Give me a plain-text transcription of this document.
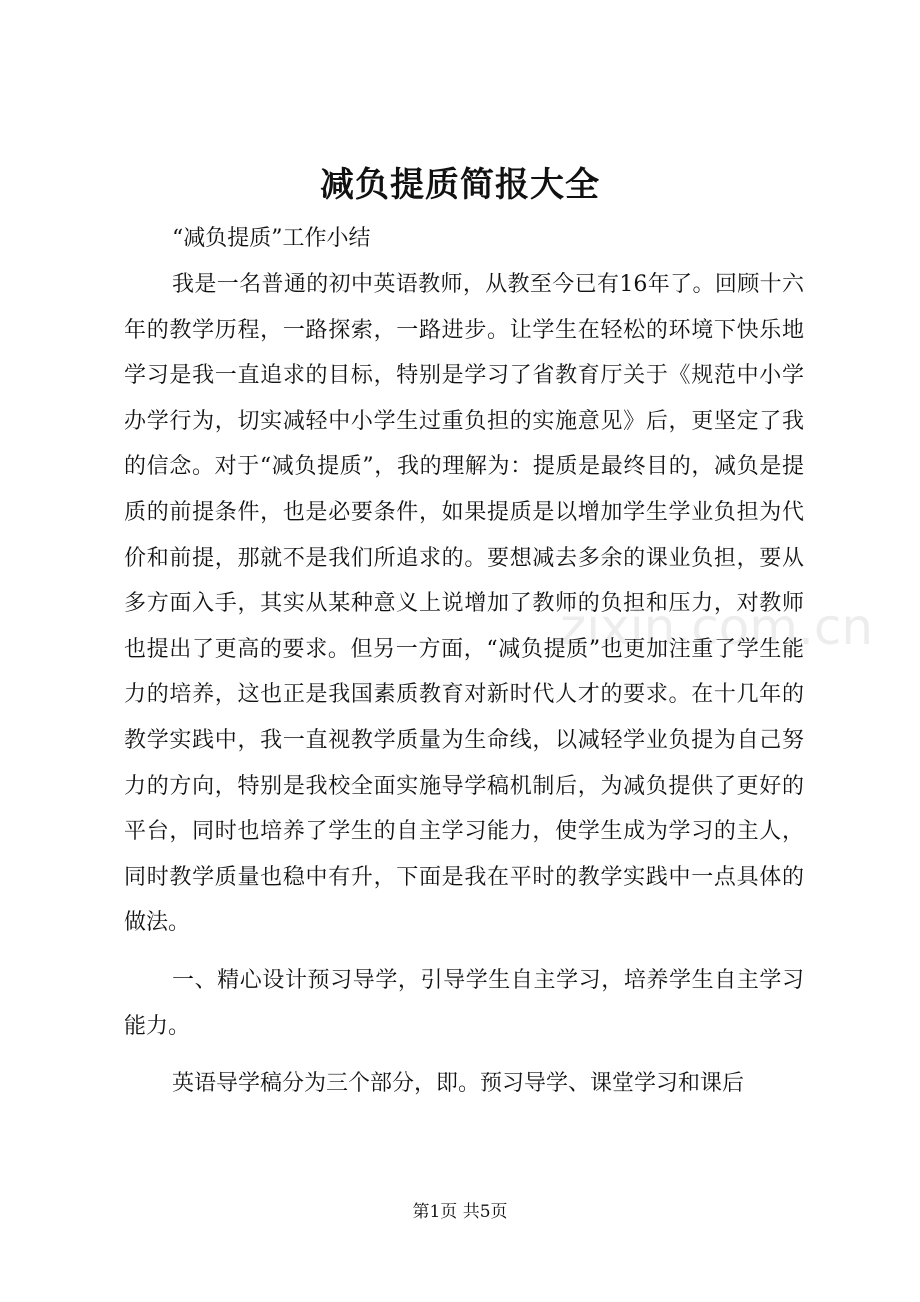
减负提质简报大全
“减负提质”工作小结

我是一名普通的初中英语教师，从教至今已有16年了。回顾十六年的教学历程，一路探索，一路进步。让学生在轻松的环境下快乐地学习是我一直追求的目标，特别是学习了省教育厅关于《规范中小学办学行为，切实减轻中小学生过重负担的实施意见》后，更坚定了我的信念。对于“减负提质”，我的理解为：提质是最终目的，减负是提质的前提条件，也是必要条件，如果提质是以增加学生学业负担为代价和前提，那就不是我们所追求的。要想减去多余的课业负担，要从多方面入手，其实从某种意义上说增加了教师的负担和压力，对教师也提出了更高的要求。但另一方面，“减负提质”也更加注重了学生能力的培养，这也正是我国素质教育对新时代人才的要求。在十几年的教学实践中，我一直视教学质量为生命线，以减轻学业负提为自己努力的方向，特别是我校全面实施导学稿机制后，为减负提供了更好的平台，同时也培养了学生的自主学习能力，使学生成为学习的主人，同时教学质量也稳中有升，下面是我在平时的教学实践中一点具体的做法。

一、精心设计预习导学，引导学生自主学习，培养学生自主学习能力。

英语导学稿分为三个部分，即。预习导学、课堂学习和课后

zixin.com.cn
第1页 共5页
